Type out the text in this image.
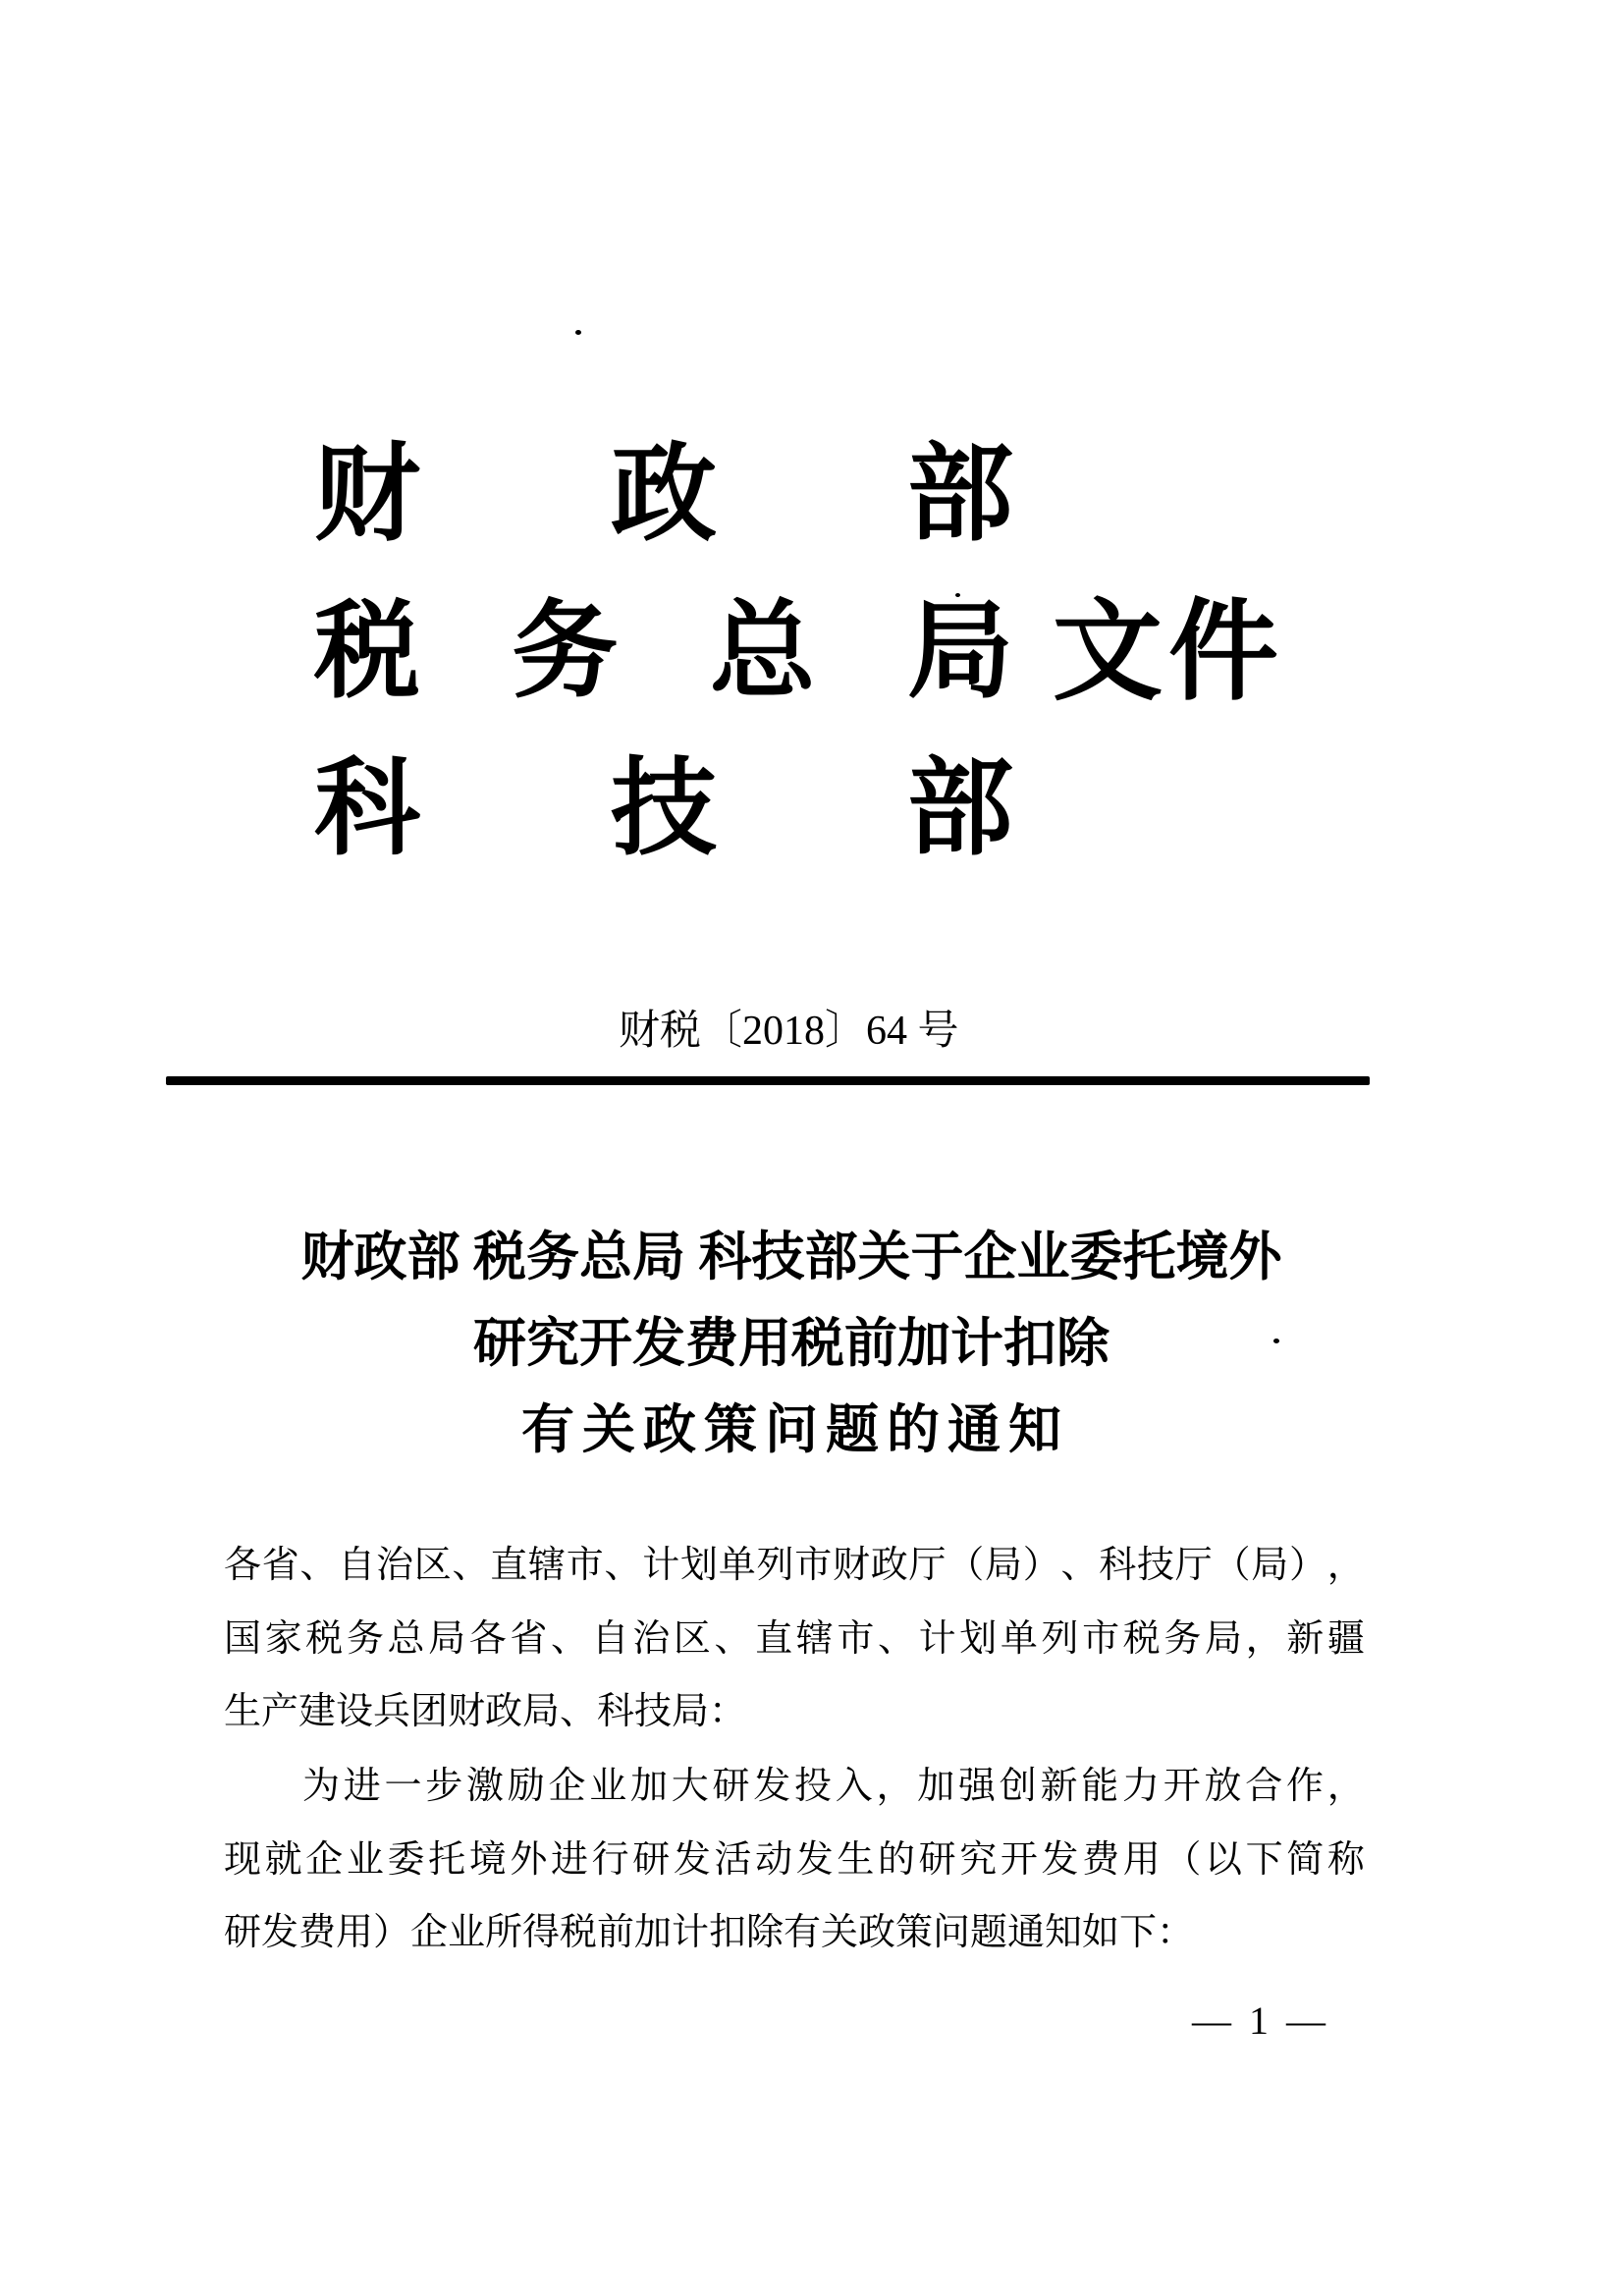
财 政 部
税 务 总 局
科 技 部
文 件
财税〔2018〕64 号
财政部 税务总局 科技部关于企业委托境外
研究开发费用税前加计扣除
有关政策问题的通知
各 省 、 自 治 区 、 直 辖 市 、 计 划 单 列 市 财 政 厅 （ 局 ） 、 科 技 厅 （ 局 ） ，
国 家 税 务 总 局 各 省 、 自 治 区 、 直 辖 市 、 计 划 单 列 市 税 务 局 ， 新 疆
生产建设兵团财政局、科技局：
为 进 一 步 激 励 企 业 加 大 研 发 投 入 ， 加 强 创 新 能 力 开 放 合 作 ，
现 就 企 业 委 托 境 外 进 行 研 发 活 动 发 生 的 研 究 开 发 费 用 （ 以 下 简 称
研发费用）企业所得税前加计扣除有关政策问题通知如下：
— 1 —
